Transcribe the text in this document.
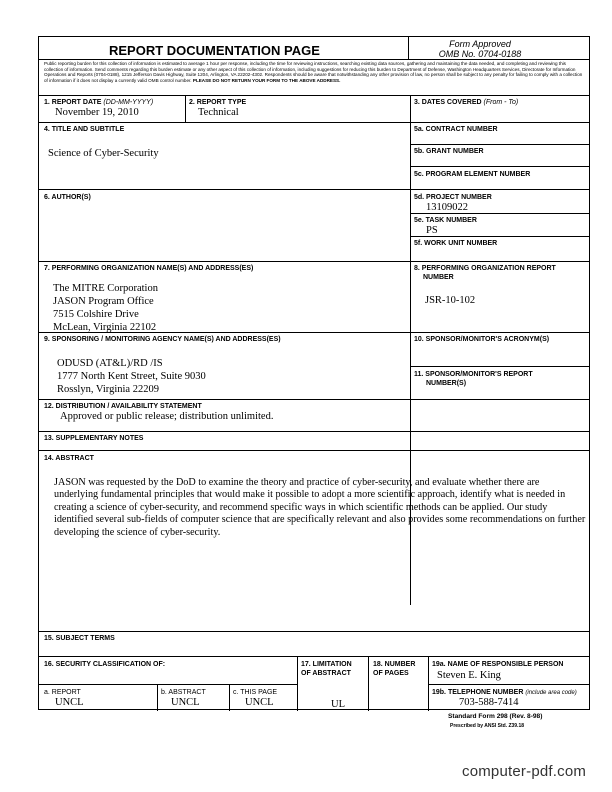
REPORT DOCUMENTATION PAGE	Form Approved
OMB No. 0704-0188
Public reporting burden for this collection of information is estimated to average 1 hour per response, including the time for reviewing instructions, searching existing data sources, gathering and maintaining the data needed, and completing and reviewing this collection of information. Send comments regarding this burden estimate or any other aspect of this collection of information, including suggestions for reducing this burden to Department of Defense, Washington Headquarters Services, Directorate for Information Operations and Reports (0704-0188), 1215 Jefferson Davis Highway, Suite 1204, Arlington, VA 22202-4302. Respondents should be aware that notwithstanding any other provision of law, no person shall be subject to any penalty for failing to comply with a collection of information if it does not display a currently valid OMB control number. PLEASE DO NOT RETURN YOUR FORM TO THE ABOVE ADDRESS.
1. REPORT DATE (DD-MM-YYYY)
November 19, 2010
2. REPORT TYPE
Technical
3. DATES COVERED (From - To)
4. TITLE AND SUBTITLE
Science of Cyber-Security
5a. CONTRACT NUMBER
5b. GRANT NUMBER
5c. PROGRAM ELEMENT NUMBER
6. AUTHOR(S)	5d. PROJECT NUMBER
13109022
5e. TASK NUMBER
PS
5f. WORK UNIT NUMBER
7. PERFORMING ORGANIZATION NAME(S) AND ADDRESS(ES)
The MITRE Corporation
JASON Program Office
7515 Colshire Drive
McLean, Virginia 22102
8. PERFORMING ORGANIZATION REPORT
NUMBER
JSR-10-102
9. SPONSORING / MONITORING AGENCY NAME(S) AND ADDRESS(ES)
ODUSD (AT&L)/RD /IS
1777 North Kent Street, Suite 9030
Rosslyn, Virginia 22209
10. SPONSOR/MONITOR'S ACRONYM(S)
11. SPONSOR/MONITOR'S REPORT
NUMBER(S)
12. DISTRIBUTION / AVAILABILITY STATEMENT
Approved or public release; distribution unlimited.
13. SUPPLEMENTARY NOTES
14. ABSTRACT
JASON was requested by the DoD to examine the theory and practice of cyber-security, and evaluate whether there are underlying fundamental principles that would make it possible to adopt a more scientific approach, identify what is needed in creating a science of cyber-security, and recommend specific ways in which scientific methods can be applied. Our study identified several sub-fields of computer science that are specifically relevant and also provides some recommendations on further developing the science of cyber-security.
15. SUBJECT TERMS
16. SECURITY CLASSIFICATION OF:	17. LIMITATION
OF ABSTRACT
18. NUMBER
OF PAGES
19a. NAME OF RESPONSIBLE PERSON
Steven E. King
a. REPORT
UNCL
b. ABSTRACT
UNCL
c. THIS PAGE
UNCL	UL
19b. TELEPHONE NUMBER (include area code)
703-588-7414
Standard Form 298 (Rev. 8-98)
Prescribed by ANSI Std. Z39.18
computer-pdf.com
